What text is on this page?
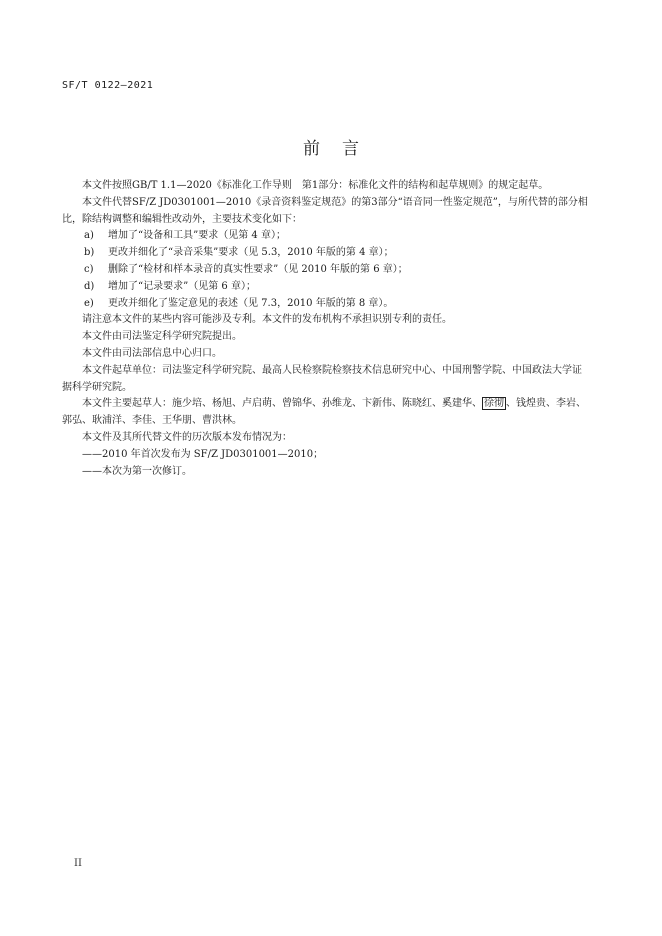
SF/T 0122—2021
前言

本文件按照GB/T 1.1—2020《标准化工作导则　第1部分：标准化文件的结构和起草规则》的规定起草。

本文件代替SF/Z JD0301001—2010《录音资料鉴定规范》的第3部分“语音同一性鉴定规范”，与所代替的部分相比，除结构调整和编辑性改动外，主要技术变化如下：

a) 增加了“设备和工具”要求（见第 4 章）；

b) 更改并细化了“录音采集”要求（见 5.3，2010 年版的第 4 章）；

c) 删除了“检材和样本录音的真实性要求”（见 2010 年版的第 6 章）；

d) 增加了“记录要求”（见第 6 章）；

e) 更改并细化了鉴定意见的表述（见 7.3，2010 年版的第 8 章）。

请注意本文件的某些内容可能涉及专利。本文件的发布机构不承担识别专利的责任。

本文件由司法鉴定科学研究院提出。

本文件由司法部信息中心归口。

本文件起草单位：司法鉴定科学研究院、最高人民检察院检察技术信息研究中心、中国刑警学院、中国政法大学证据科学研究院。

本文件主要起草人：施少培、杨旭、卢启萌、曾锦华、孙维龙、卞新伟、陈晓红、奚建华、 徐彻 、钱煌贵、李岩、郭弘、耿浦洋、李佳、王华朋、曹洪林。

本文件及其所代替文件的历次版本发布情况为：

——2010 年首次发布为 SF/Z JD0301001—2010；

——本次为第一次修订。

II
